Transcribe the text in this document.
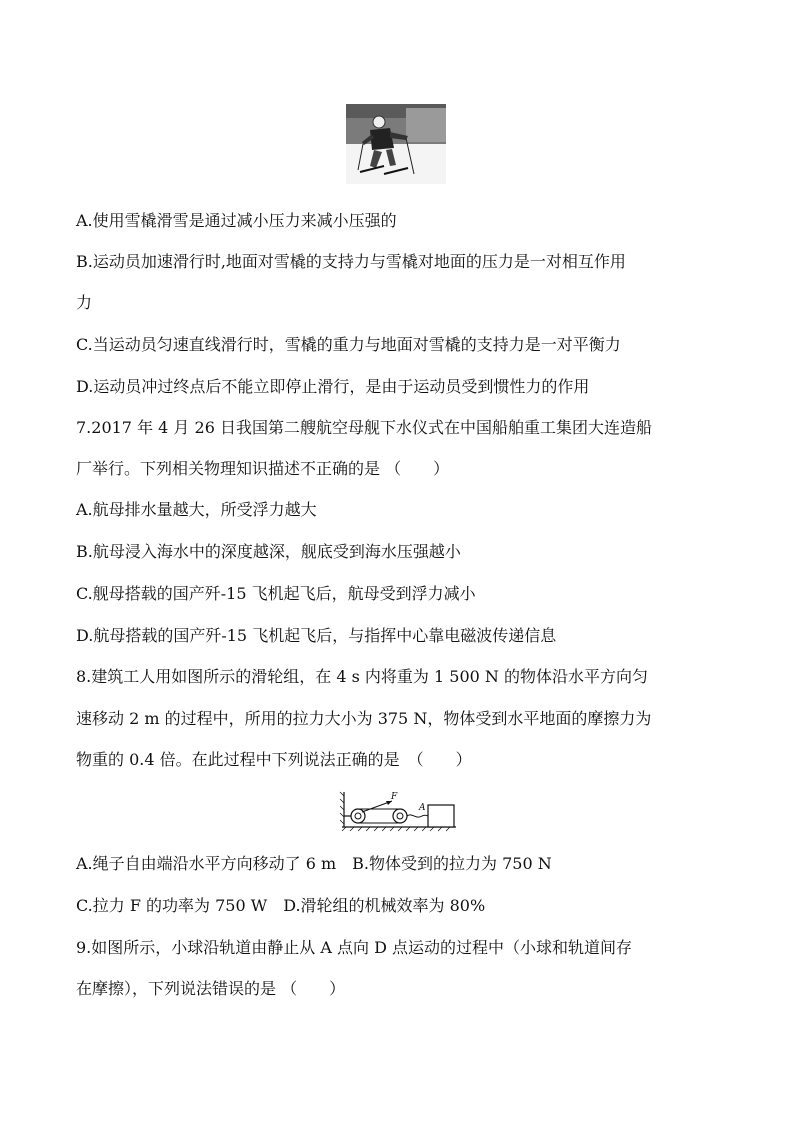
A.使用雪橇滑雪是通过减小压力来减小压强的
B.运动员加速滑行时,地面对雪橇的支持力与雪橇对地面的压力是一对相互作用
力
C.当运动员匀速直线滑行时，雪橇的重力与地面对雪橇的支持力是一对平衡力
D.运动员冲过终点后不能立即停止滑行，是由于运动员受到惯性力的作用
7.2017 年 4 月 26 日我国第二艘航空母舰下水仪式在中国船舶重工集团大连造船
厂举行。下列相关物理知识描述不正确的是 （　　）
A.航母排水量越大，所受浮力越大
B.航母浸入海水中的深度越深，舰底受到海水压强越小
C.舰母搭载的国产歼-15 飞机起飞后，航母受到浮力减小
D.航母搭载的国产歼-15 飞机起飞后，与指挥中心靠电磁波传递信息
8.建筑工人用如图所示的滑轮组，在 4 s 内将重为 1 500 N 的物体沿水平方向匀
速移动 2 m 的过程中，所用的拉力大小为 375 N，物体受到水平地面的摩擦力为
物重的 0.4 倍。在此过程中下列说法正确的是　（　　）
F
A
A.绳子自由端沿水平方向移动了 6 m　B.物体受到的拉力为 750 N
C.拉力 F 的功率为 750 W　D.滑轮组的机械效率为 80%
9.如图所示，小球沿轨道由静止从 A 点向 D 点运动的过程中（小球和轨道间存
在摩擦），下列说法错误的是 （　　）
